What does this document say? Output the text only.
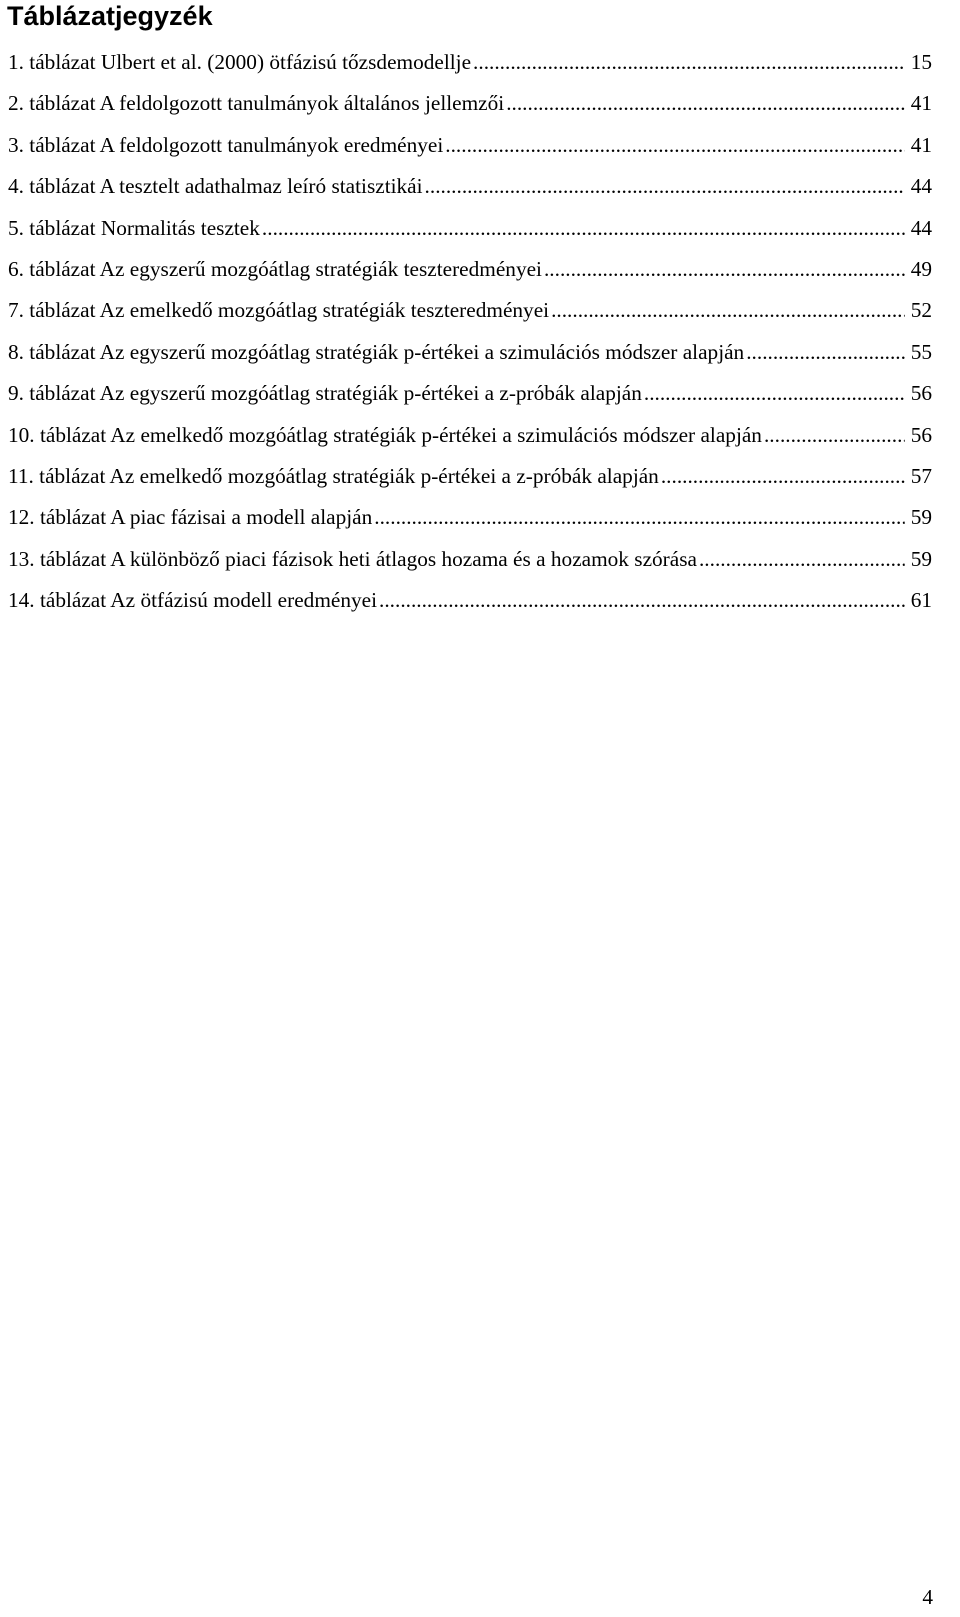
Táblázatjegyzék
1. táblázat Ulbert et al. (2000) ötfázisú tőzsdemodellje .....	15
2. táblázat A feldolgozott tanulmányok általános jellemzői .....	41
3. táblázat A feldolgozott tanulmányok eredményei .....	41
4. táblázat A tesztelt adathalmaz leíró statisztikái .....	44
5. táblázat Normalitás tesztek .....	44
6. táblázat Az egyszerű mozgóátlag stratégiák teszteredményei .....	49
7. táblázat Az emelkedő mozgóátlag stratégiák teszteredményei .....	52
8. táblázat Az egyszerű mozgóátlag stratégiák p-értékei a szimulációs módszer alapján .....	55
9. táblázat Az egyszerű mozgóátlag stratégiák p-értékei a z-próbák alapján .....	56
10. táblázat Az emelkedő mozgóátlag stratégiák p-értékei a szimulációs módszer alapján .....	56
11. táblázat Az emelkedő mozgóátlag stratégiák p-értékei a z-próbák alapján .....	57
12. táblázat A piac fázisai a modell alapján .....	59
13. táblázat A különböző piaci fázisok heti átlagos hozama és a hozamok szórása .....	59
14. táblázat Az ötfázisú modell eredményei .....	61
4
